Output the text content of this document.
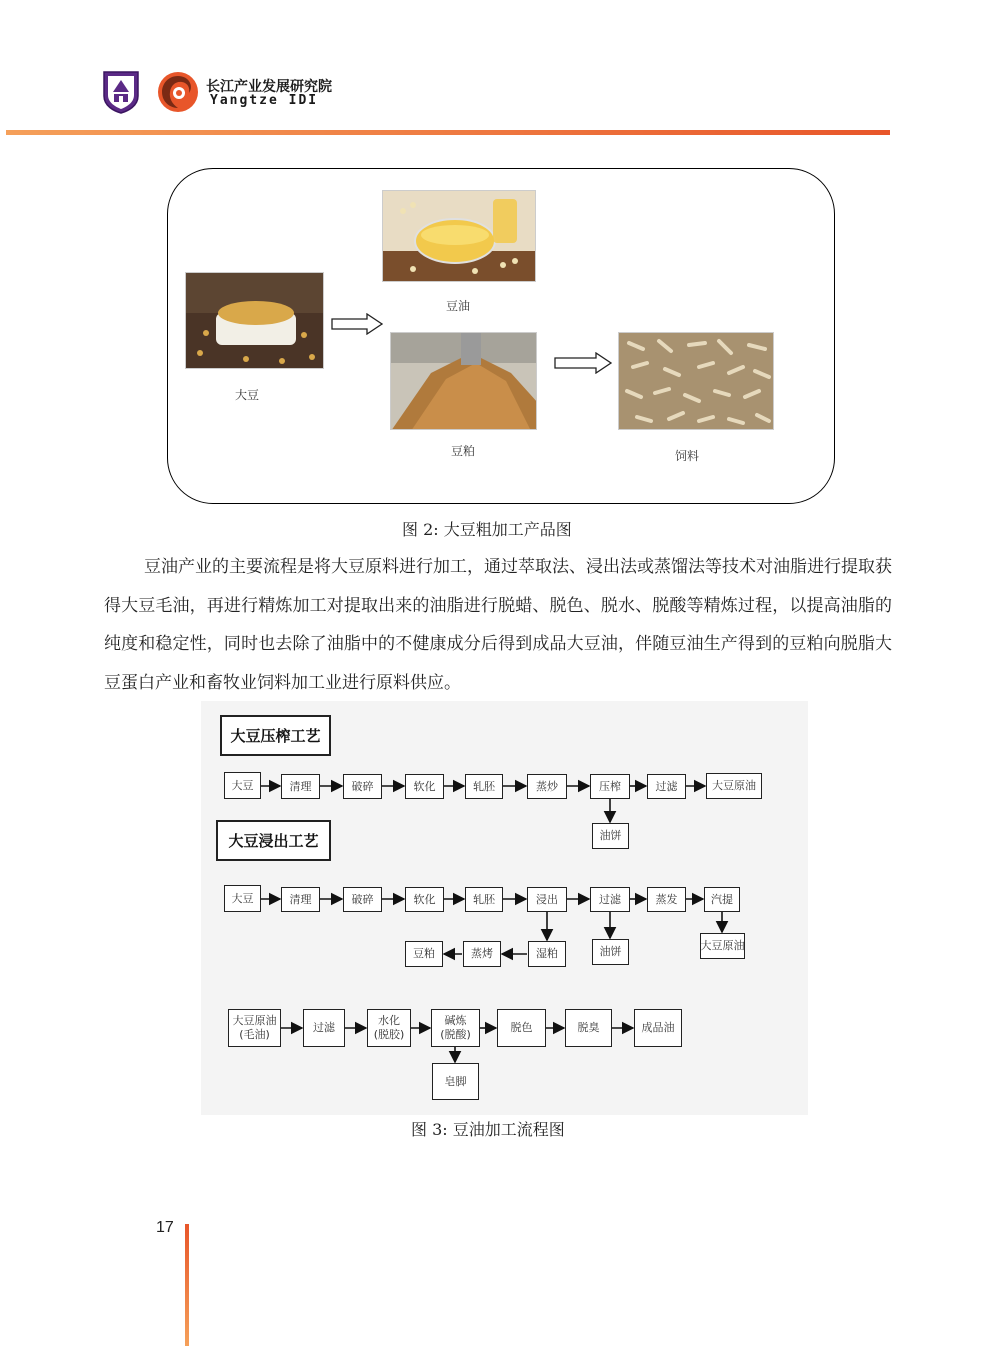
长江产业发展研究院
Yangtze IDI
大豆
豆油
豆粕	饲料
图 2: 大豆粗加工产品图
豆油产业的主要流程是将大豆原料进行加工，通过萃取法、浸出法或蒸馏法等技术对油脂进行提取获得大豆毛油，再进行精炼加工对提取出来的油脂进行脱蜡、脱色、脱水、脱酸等精炼过程，以提高油脂的纯度和稳定性，同时也去除了油脂中的不健康成分后得到成品大豆油，伴随豆油生产得到的豆粕向脱脂大豆蛋白产业和畜牧业饲料加工业进行原料供应。
大豆压榨工艺
大豆	清理	破碎	软化	轧胚	蒸炒	压榨	过滤	大豆原油
油饼
大豆浸出工艺
大豆	清理	破碎	软化	轧胚	浸出	过滤	蒸发	汽提
油饼	大豆原油
湿粕
蒸烤
豆粕
大豆原油
(毛油)
过滤
水化
(脱胶)
碱炼
(脱酸)
脱色	脱臭	成品油
皂脚
图 3: 豆油加工流程图
17
